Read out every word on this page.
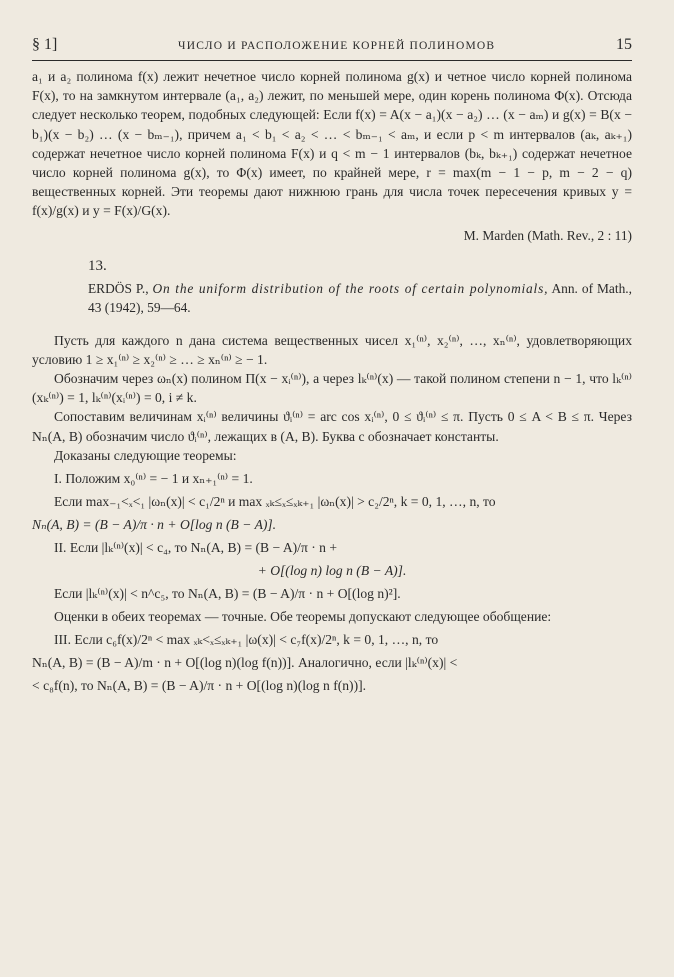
§ 1]	ЧИСЛО И РАСПОЛОЖЕНИЕ КОРНЕЙ ПОЛИНОМОВ	15

a₁ и a₂ полинома f(x) лежит нечетное число корней полинома g(x) и четное число корней полинома F(x), то на замкнутом интервале (a₁, a₂) лежит, по меньшей мере, один корень полинома Φ(x). Отсюда следует несколько теорем, подобных следующей: Если f(x) = A(x − a₁)(x − a₂) … (x − aₘ) и g(x) = B(x − b₁)(x − b₂) … (x − bₘ₋₁), причем a₁ < b₁ < a₂ < … < bₘ₋₁ < aₘ, и если p < m интервалов (aₖ, aₖ₊₁) содержат нечетное число корней полинома F(x) и q < m − 1 интервалов (bₖ, bₖ₊₁) содержат нечетное число корней полинома g(x), то Φ(x) имеет, по крайней мере, r = max(m − 1 − p, m − 2 − q) вещественных корней. Эти теоремы дают нижнюю грань для числа точек пересечения кривых y = f(x)/g(x) и y = F(x)/G(x).

M. Marden (Math. Rev., 2 : 11)
13.
ERDÖS P., On the uniform distribution of the roots of certain polynomials, Ann. of Math., 43 (1942), 59—64.

Пусть для каждого n дана система вещественных чисел x₁⁽ⁿ⁾, x₂⁽ⁿ⁾, …, xₙ⁽ⁿ⁾, удовлетворяющих условию 1 ≥ x₁⁽ⁿ⁾ ≥ x₂⁽ⁿ⁾ ≥ … ≥ xₙ⁽ⁿ⁾ ≥ − 1.

Обозначим через ωₙ(x) полином Π(x − xᵢ⁽ⁿ⁾), а через lₖ⁽ⁿ⁾(x) — такой полином степени n − 1, что lₖ⁽ⁿ⁾(xₖ⁽ⁿ⁾) = 1, lₖ⁽ⁿ⁾(xᵢ⁽ⁿ⁾) = 0, i ≠ k.

Сопоставим величинам xᵢ⁽ⁿ⁾ величины ϑᵢ⁽ⁿ⁾ = arc cos xᵢ⁽ⁿ⁾, 0 ≤ ϑᵢ⁽ⁿ⁾ ≤ π. Пусть 0 ≤ A < B ≤ π. Через Nₙ(A, B) обозначим число ϑᵢ⁽ⁿ⁾, лежащих в (A, B). Буква c обозначает константы.

Доказаны следующие теоремы:

I. Положим x₀⁽ⁿ⁾ = − 1 и xₙ₊₁⁽ⁿ⁾ = 1.

Если max₋₁<ₓ<₁ |ωₙ(x)| < c₁/2ⁿ и max ₓₖ≤ₓ≤ₓₖ₊₁ |ωₙ(x)| > c₂/2ⁿ, k = 0, 1, …, n, то

Nₙ(A, B) = (B − A)/π · n + O[log n (B − A)].

II. Если |lₖ⁽ⁿ⁾(x)| < c₄, то Nₙ(A, B) = (B − A)/π · n +

+ O[(log n) log n (B − A)].

Если |lₖ⁽ⁿ⁾(x)| < n^c₅, то Nₙ(A, B) = (B − A)/π · n + O[(log n)²].

Оценки в обеих теоремах — точные. Обе теоремы допускают следующее обобщение:

III. Если c₆f(x)/2ⁿ < max ₓₖ<ₓ≤ₓₖ₊₁ |ω(x)| < c₇f(x)/2ⁿ, k = 0, 1, …, n, то

Nₙ(A, B) = (B − A)/m · n + O[(log n)(log f(n))]. Аналогично, если |lₖ⁽ⁿ⁾(x)| <

< c₈f(n), то Nₙ(A, B) = (B − A)/π · n + O[(log n)(log n f(n))].
